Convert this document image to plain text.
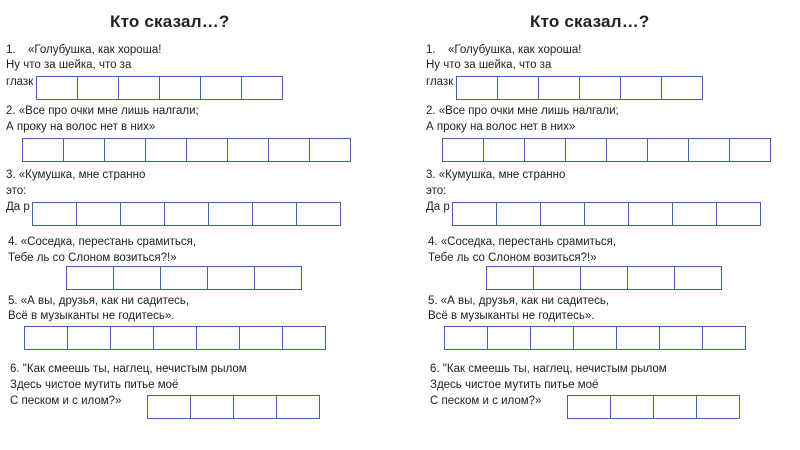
Кто сказал…?
1. «Голубушка, как хороша!
Ну что за шейка, что за
глазк
2. «Все про очки мне лишь налгали;
А проку на волос нет в них»
3. «Кумушка, мне странно
это:
Да р
4. «Соседка, перестань срамиться,
Тебе ль со Слоном возиться?!»
5. «А вы, друзья, как ни садитесь,
Всё в музыканты не годитесь».
6. "Как смеешь ты, наглец, нечистым рылом
Здесь чистое мутить питье моё
С песком и с илом?»
Кто сказал…?
1. «Голубушка, как хороша!
Ну что за шейка, что за
глазк
2. «Все про очки мне лишь налгали;
А проку на волос нет в них»
3. «Кумушка, мне странно
это:
Да р
4. «Соседка, перестань срамиться,
Тебе ль со Слоном возиться?!»
5. «А вы, друзья, как ни садитесь,
Всё в музыканты не годитесь».
6. "Как смеешь ты, наглец, нечистым рылом
Здесь чистое мутить питье моё
С песком и с илом?»
